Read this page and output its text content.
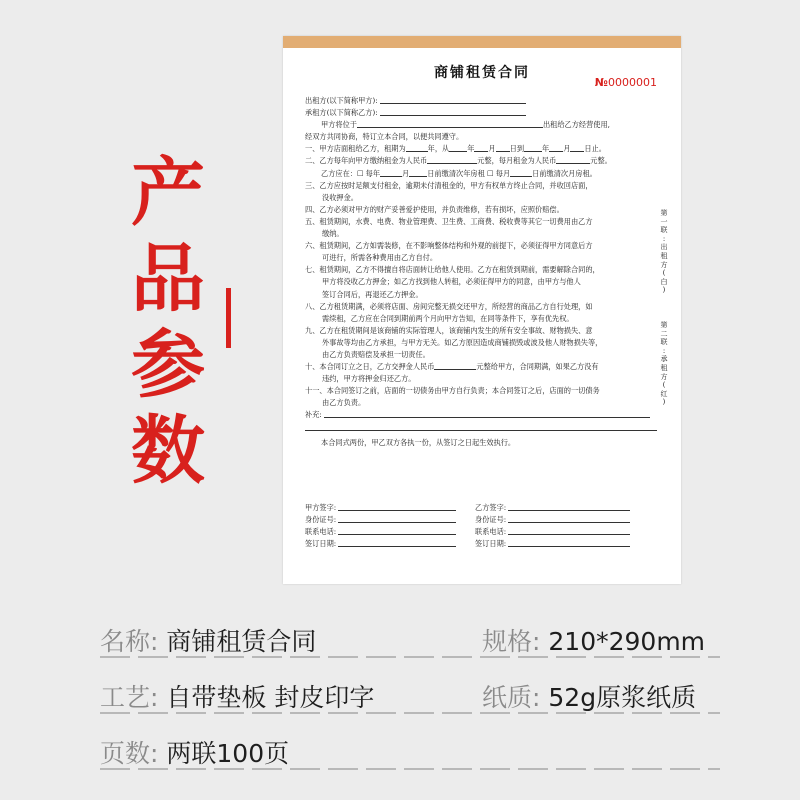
产
品
参
数
商铺租赁合同
№0000001
出租方(以下简称甲方):
承租方(以下简称乙方):
甲方将位于	出租给乙方经营使用,
经双方共同协商，特订立本合同，以便共同遵守。
一、甲方店面租给乙方，租期为	年，从	年 月 日到	年 月 日止。
二、乙方每年向甲方缴纳租金为人民币	元整，每月租金为人民币	元整。
乙方应在：☐ 每年	月	日前缴清次年房租 ☐ 每月	日前缴清次月房租。
三、乙方应按时足额支付租金，逾期未付清租金的，甲方有权单方终止合同，并收回店面，
没收押金。
四、乙方必须对甲方的财产妥善爱护使用，并负责维修，若有损坏，应照价赔偿。
五、租赁期间，水费、电费、物业管理费、卫生费、工商费、税收费等其它一切费用由乙方
缴纳。
六、租赁期间，乙方如需装修，在不影响整体结构和外观的前提下，必须征得甲方同意后方
可进行，所需各种费用由乙方自付。
七、租赁期间，乙方不得擅自将店面转让给他人使用。乙方在租赁到期前，需要解除合同的，
甲方将没收乙方押金；如乙方找到他人转租，必须征得甲方的同意，由甲方与他人
签订合同后，再退还乙方押金。
八、乙方租赁期满，必须将店面、房间完整无损交还甲方，所经营的商品乙方自行处理，如
需续租，乙方应在合同到期前两个月向甲方告知，在同等条件下，享有优先权。
九、乙方在租赁期间是该商铺的实际管理人，该商铺内发生的所有安全事故、财物损失、意
外事故等均由乙方承担，与甲方无关。如乙方原因造成商铺损毁或波及他人财物损失等，
由乙方负责赔偿及承担一切责任。
十、本合同订立之日，乙方交押金人民币	元整给甲方，合同期满，如果乙方没有
违约，甲方将押金归还乙方。
十一、本合同签订之前，店面的一切债务由甲方自行负责；本合同签订之后，店面的一切债务
由乙方负责。
补充:
本合同式两份，甲乙双方各执一份，从签订之日起生效执行。
甲方签字:	乙方签字:
身份证号:	身份证号:
联系电话:	联系电话:
签订日期:	签订日期:
第
一
联
:
出
租
方
(
白
)
第
二
联
:
承
租
方
(
红
)
名称: 商铺租赁合同	规格: 210*290mm
工艺: 自带垫板 封皮印字	纸质: 52g原浆纸质
页数: 两联100页
